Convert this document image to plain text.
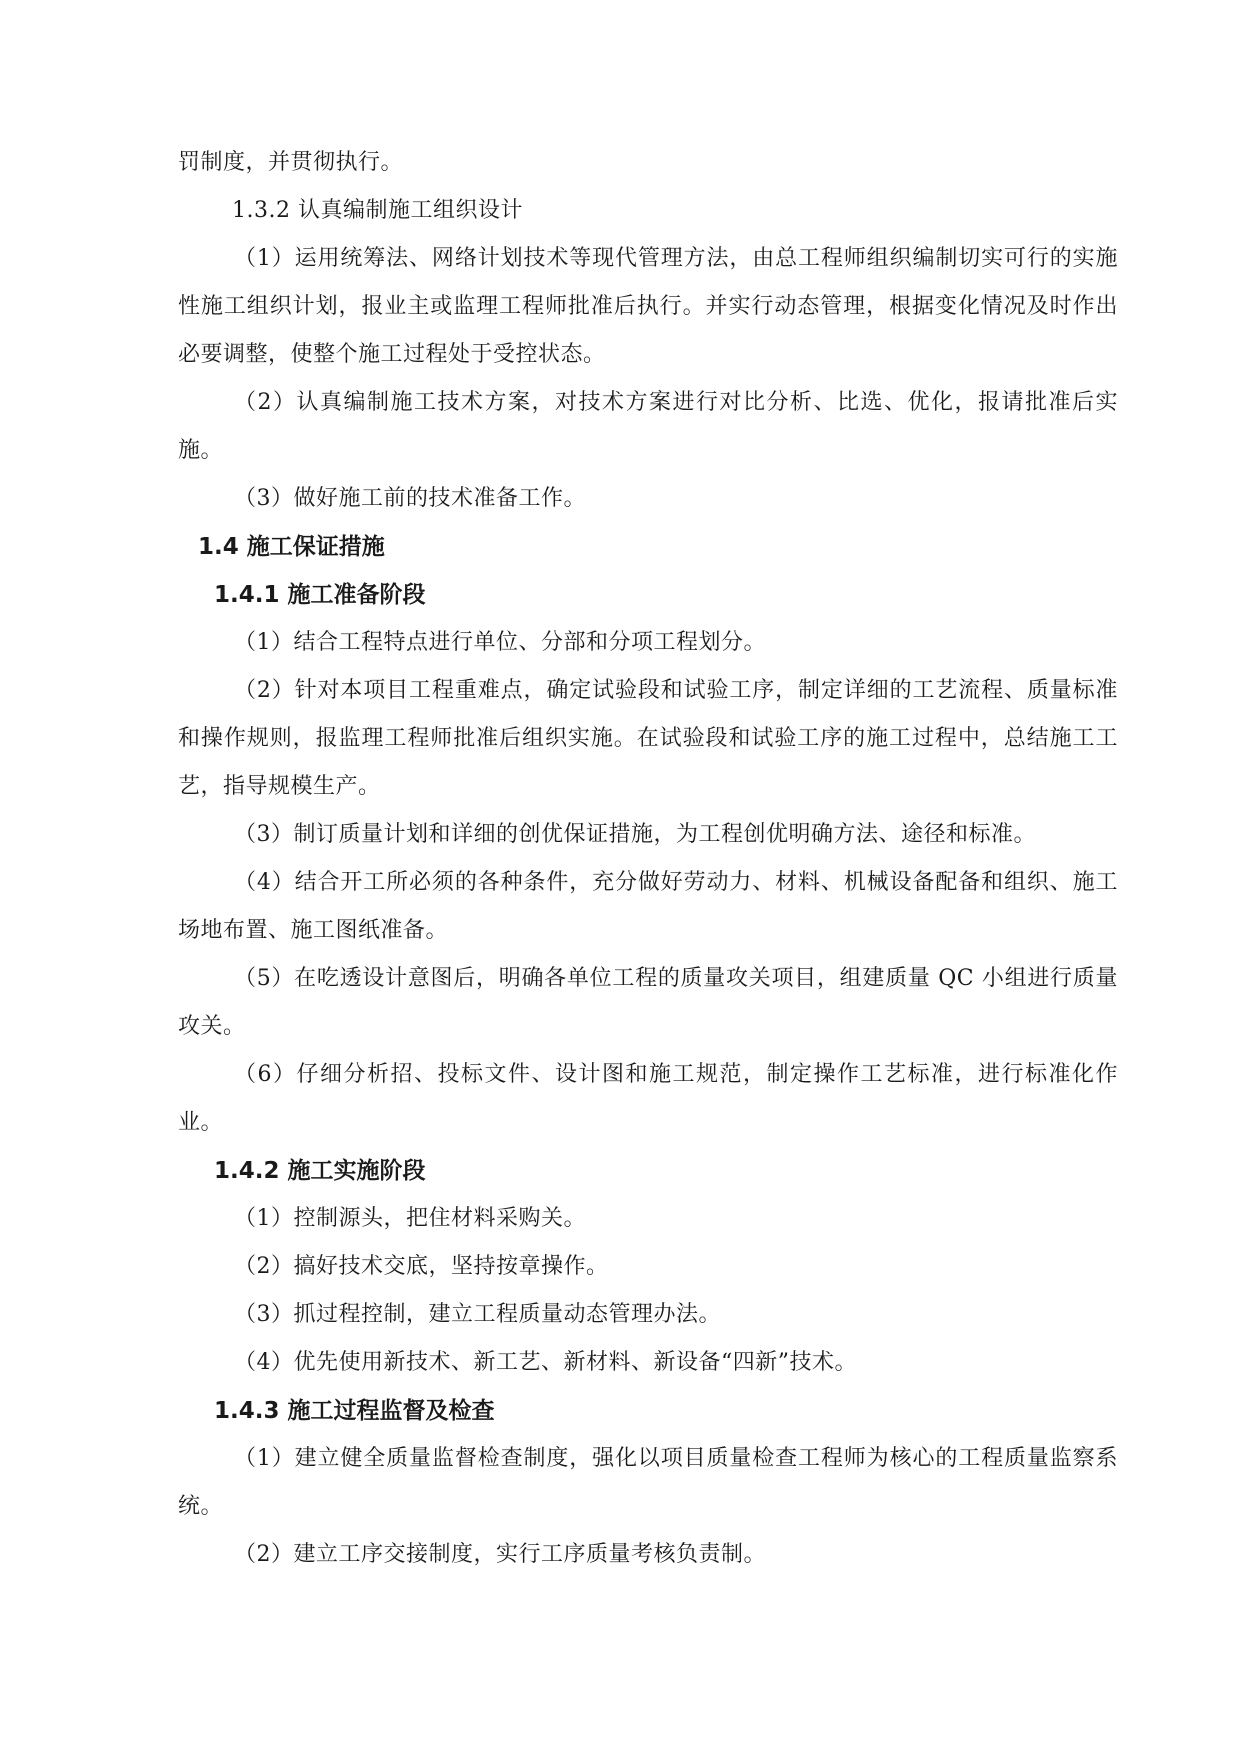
罚制度，并贯彻执行。

1.3.2 认真编制施工组织设计

（1）运用统筹法、网络计划技术等现代管理方法，由总工程师组织编制切实可行的实施性施工组织计划，报业主或监理工程师批准后执行。并实行动态管理，根据变化情况及时作出必要调整，使整个施工过程处于受控状态。

（2）认真编制施工技术方案，对技术方案进行对比分析、比选、优化，报请批准后实施。

（3）做好施工前的技术准备工作。

1.4 施工保证措施

1.4.1 施工准备阶段

（1）结合工程特点进行单位、分部和分项工程划分。

（2）针对本项目工程重难点，确定试验段和试验工序，制定详细的工艺流程、质量标准和操作规则，报监理工程师批准后组织实施。在试验段和试验工序的施工过程中，总结施工工艺，指导规模生产。

（3）制订质量计划和详细的创优保证措施，为工程创优明确方法、途径和标准。

（4）结合开工所必须的各种条件，充分做好劳动力、材料、机械设备配备和组织、施工场地布置、施工图纸准备。

（5）在吃透设计意图后，明确各单位工程的质量攻关项目，组建质量 QC 小组进行质量攻关。

（6）仔细分析招、投标文件、设计图和施工规范，制定操作工艺标准，进行标准化作业。

1.4.2 施工实施阶段

（1）控制源头，把住材料采购关。

（2）搞好技术交底，坚持按章操作。

（3）抓过程控制，建立工程质量动态管理办法。

（4）优先使用新技术、新工艺、新材料、新设备“四新”技术。

1.4.3 施工过程监督及检查

（1）建立健全质量监督检查制度，强化以项目质量检查工程师为核心的工程质量监察系统。

（2）建立工序交接制度，实行工序质量考核负责制。
